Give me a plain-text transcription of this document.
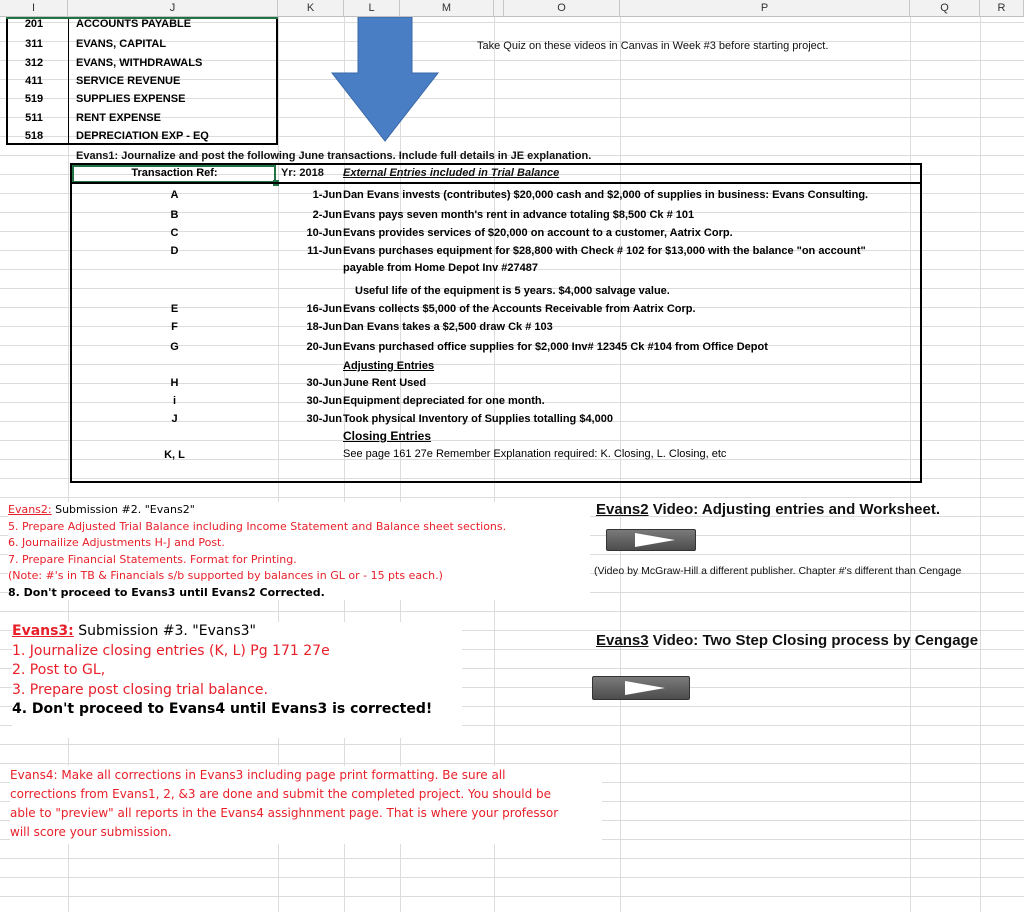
I	J	K	L	M	O	P	Q	R
201	ACCOUNTS PAYABLE
311	EVANS, CAPITAL
312	EVANS, WITHDRAWALS
411	SERVICE REVENUE
519	SUPPLIES EXPENSE
511	RENT EXPENSE
518	DEPRECIATION EXP - EQ
Take Quiz on these videos in Canvas in Week #3 before starting project.
Evans1: Journalize and post the following June transactions. Include full details in JE explanation.
Transaction Ref:	Yr: 2018 External Entries included in Trial Balance
A	1-Jun Dan Evans invests (contributes) $20,000 cash and $2,000 of supplies in business: Evans Consulting.
B	2-Jun Evans pays seven month's rent in advance totaling $8,500 Ck # 101
C	10-Jun Evans provides services of $20,000 on account to a customer, Aatrix Corp.
D	11-Jun Evans purchases equipment for $28,800 with Check # 102 for $13,000 with the balance "on account"
payable from Home Depot Inv #27487
Useful life of the equipment is 5 years. $4,000 salvage value.
E	16-Jun Evans collects $5,000 of the Accounts Receivable from Aatrix Corp.
F	18-Jun Dan Evans takes a $2,500 draw Ck # 103
G	20-Jun Evans purchased office supplies for $2,000 Inv# 12345 Ck #104 from Office Depot
Adjusting Entries
H	30-Jun June Rent Used
i	30-Jun Equipment depreciated for one month.
J	30-Jun Took physical Inventory of Supplies totalling $4,000
Closing Entries
K, L	See page 161 27e Remember Explanation required: K. Closing, L. Closing, etc
Evans2: Submission #2. "Evans2"
5. Prepare Adjusted Trial Balance including Income Statement and Balance sheet sections.
6. Journailize Adjustments H-J and Post.
7. Prepare Financial Statements. Format for Printing.
(Note: #'s in TB & Financials s/b supported by balances in GL or - 15 pts each.)
8. Don't proceed to Evans3 until Evans2 Corrected.
Evans2 Video: Adjusting entries and Worksheet.
(Video by McGraw-Hill a different publisher. Chapter #'s different than Cengage
Evans3: Submission #3. "Evans3"
1. Journalize closing entries (K, L) Pg 171 27e
2. Post to GL,
3. Prepare post closing trial balance.
4. Don't proceed to Evans4 until Evans3 is corrected!
Evans3 Video: Two Step Closing process by Cengage
Evans4: Make all corrections in Evans3 including page print formatting. Be sure all
corrections from Evans1, 2, &3 are done and submit the completed project. You should be
able to "preview" all reports in the Evans4 assighnment page. That is where your professor
will score your submission.
